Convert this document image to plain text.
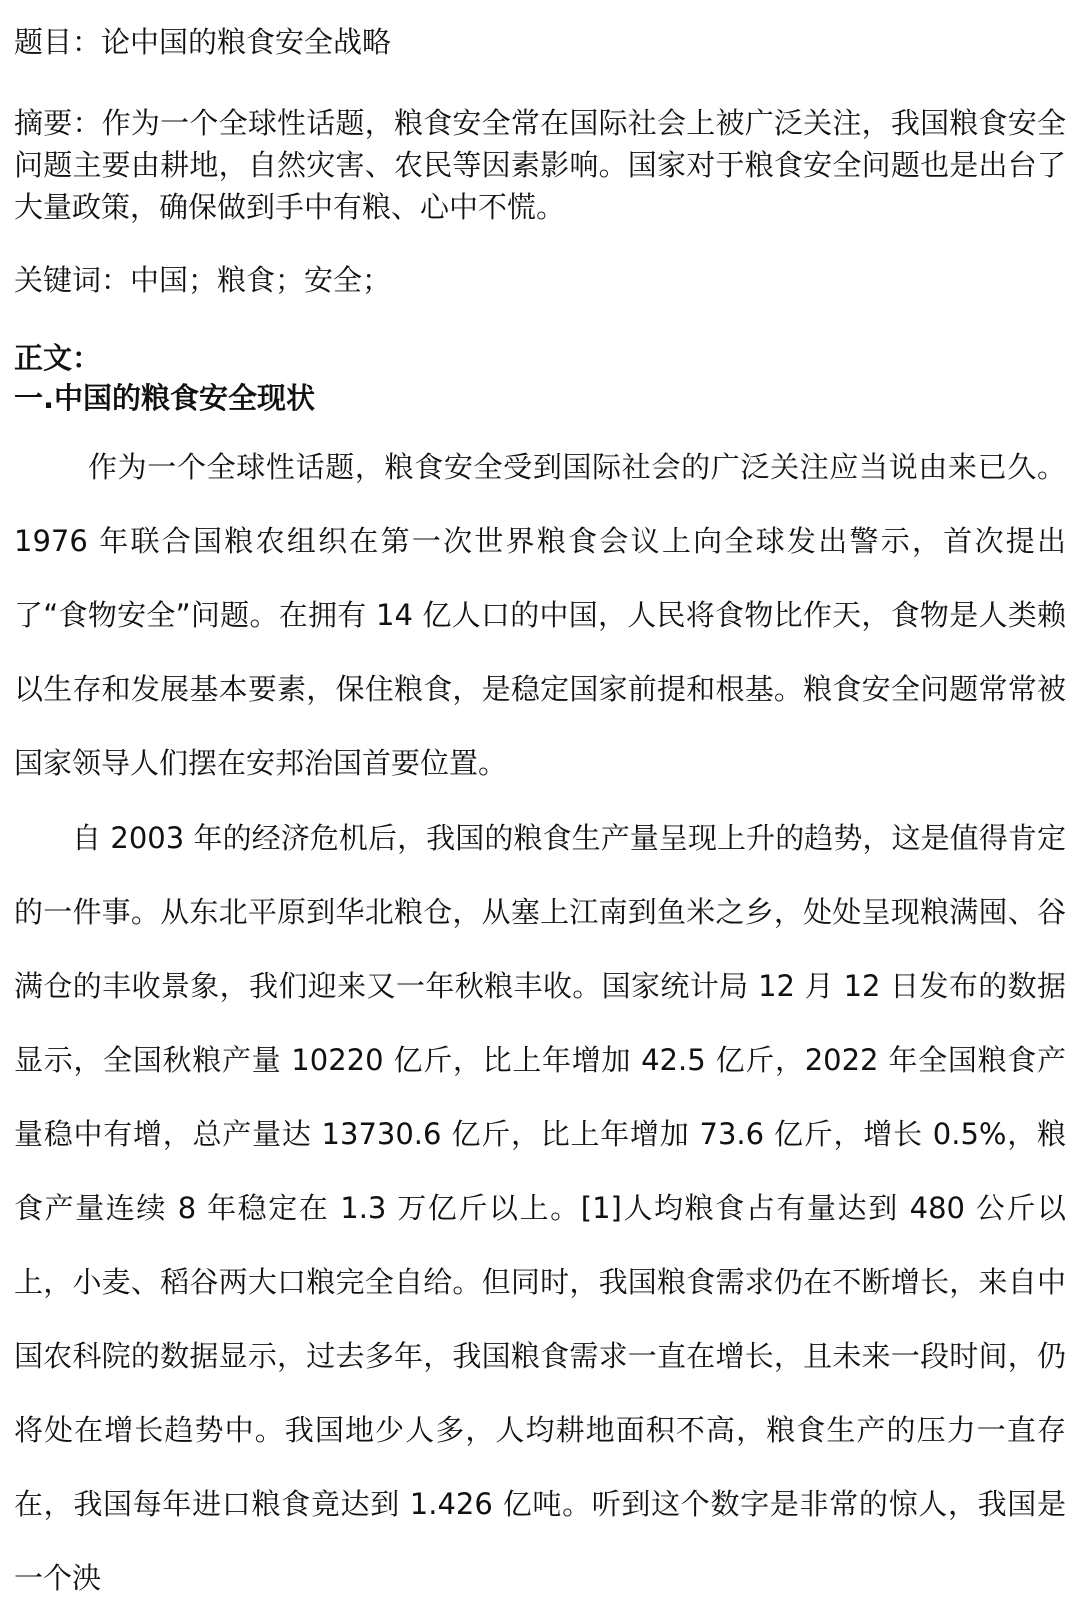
题目：论中国的粮食安全战略
摘要：作为一个全球性话题，粮食安全常在国际社会上被广泛关注，我国粮食安全问题主要由耕地，自然灾害、农民等因素影响。国家对于粮食安全问题也是出台了大量政策，确保做到手中有粮、心中不慌。
关键词：中国；粮食；安全；
正文：
一.中国的粮食安全现状
作为一个全球性话题，粮食安全受到国际社会的广泛关注应当说由来已久。1976 年联合国粮农组织在第一次世界粮食会议上向全球发出警示，首次提出了“食物安全”问题。在拥有 14 亿人口的中国，人民将食物比作天，食物是人类赖以生存和发展基本要素，保住粮食，是稳定国家前提和根基。粮食安全问题常常被国家领导人们摆在安邦治国首要位置。
自 2003 年的经济危机后，我国的粮食生产量呈现上升的趋势，这是值得肯定的一件事。从东北平原到华北粮仓，从塞上江南到鱼米之乡，处处呈现粮满囤、谷满仓的丰收景象，我们迎来又一年秋粮丰收。国家统计局 12 月 12 日发布的数据显示，全国秋粮产量 10220 亿斤，比上年增加 42.5 亿斤，2022 年全国粮食产量稳中有增，总产量达 13730.6 亿斤，比上年增加 73.6 亿斤，增长 0.5%，粮食产量连续 8 年稳定在 1.3 万亿斤以上。[1]人均粮食占有量达到 480 公斤以上，小麦、稻谷两大口粮完全自给。但同时，我国粮食需求仍在不断增长，来自中国农科院的数据显示，过去多年，我国粮食需求一直在增长，且未来一段时间，仍将处在增长趋势中。我国地少人多，人均耕地面积不高，粮食生产的压力一直存在，我国每年进口粮食竟达到 1.426 亿吨。听到这个数字是非常的惊人，我国是一个泱
